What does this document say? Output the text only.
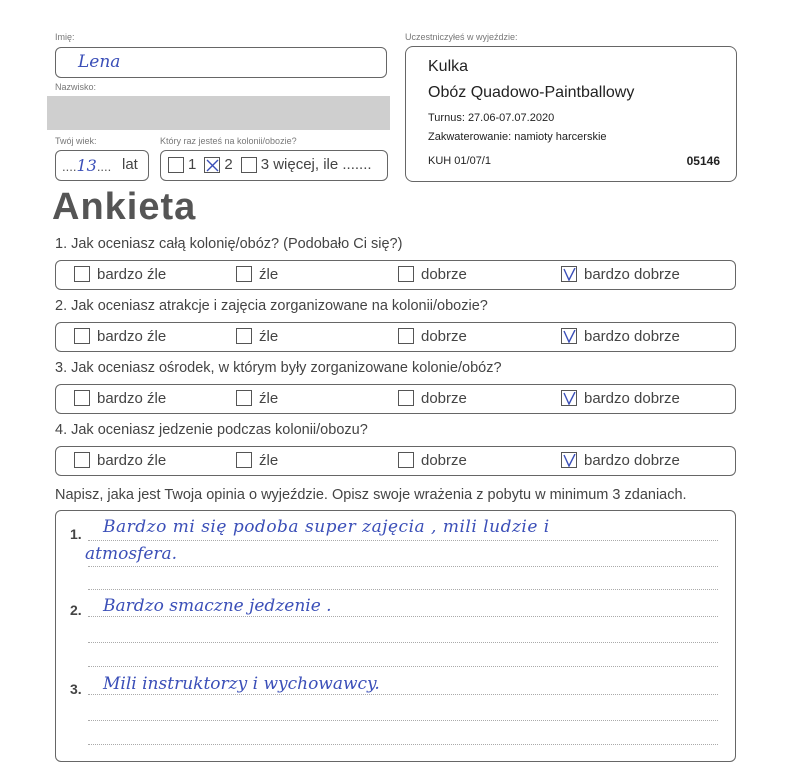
Imię:
Lena
Nazwisko:
Twój wiek:
....13.... lat
Który raz jesteś na kolonii/obozie?
1 2 3 więcej, ile .......
Uczestniczyłeś w wyjeździe:
Kulka
Obóz Quadowo-Paintballowy
Turnus: 27.06-07.07.2020
Zakwaterowanie: namioty harcerskie
KUH 01/07/1	05146
Ankieta
1. Jak oceniasz całą kolonię/obóz? (Podobało Ci się?)
bardzo źle	źle	dobrze	bardzo dobrze
2. Jak oceniasz atrakcje i zajęcia zorganizowane na kolonii/obozie?
bardzo źle	źle	dobrze	bardzo dobrze
3. Jak oceniasz ośrodek, w którym były zorganizowane kolonie/obóz?
bardzo źle	źle	dobrze	bardzo dobrze
4. Jak oceniasz jedzenie podczas kolonii/obozu?
bardzo źle	źle	dobrze	bardzo dobrze
Napisz, jaka jest Twoja opinia o wyjeździe. Opisz swoje wrażenia z pobytu w minimum 3 zdaniach.
1.
2.
3.
Bardzo mi się podoba super zajęcia , mili ludzie i
atmosfera.
Bardzo smaczne jedzenie .
Mili instruktorzy i wychowawcy.
